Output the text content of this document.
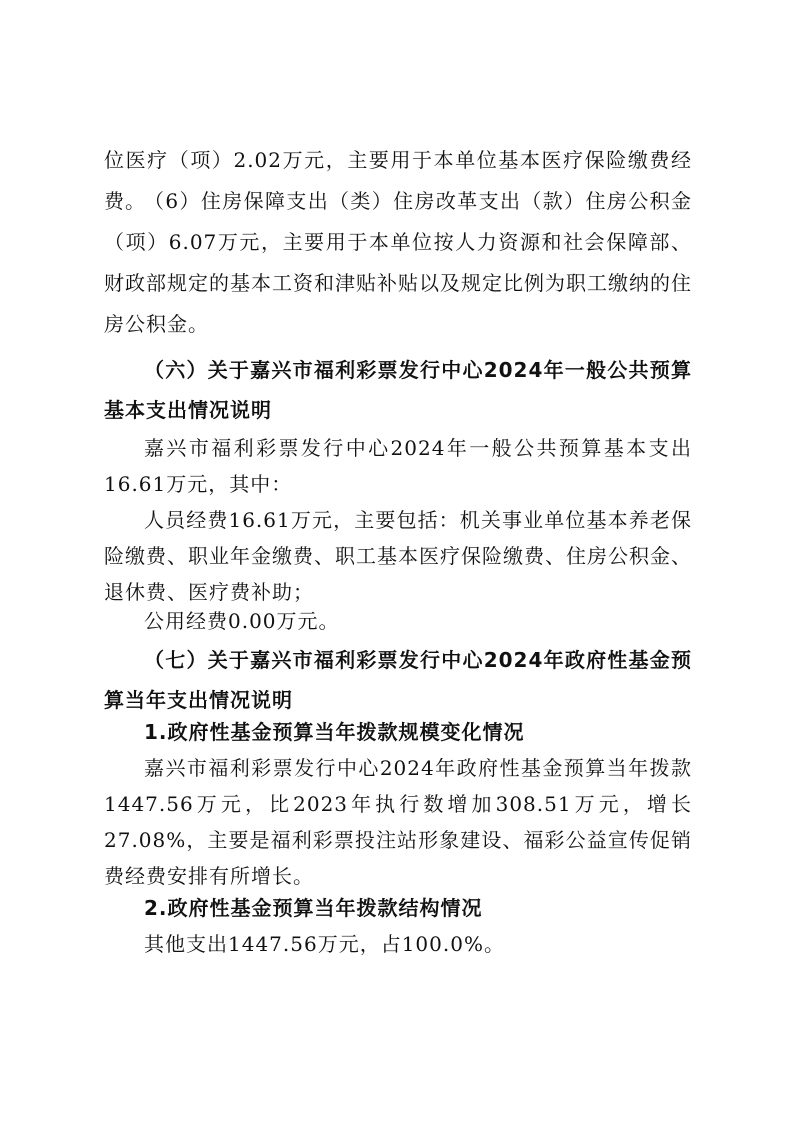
位医疗（项）2.02万元，主要用于本单位基本医疗保险缴费经费。

（6）住房保障支出（类）住房改革支出（款）住房公积金（项）6.07万元，主要用于本单位按人力资源和社会保障部、财政部规定的基本工资和津贴补贴以及规定比例为职工缴纳的住房公积金。

（六）关于嘉兴市福利彩票发行中心2024年一般公共预算基本支出情况说明

嘉兴市福利彩票发行中心2024年一般公共预算基本支出16.61万元，其中：

人员经费16.61万元，主要包括：机关事业单位基本养老保险缴费、职业年金缴费、职工基本医疗保险缴费、住房公积金、退休费、医疗费补助；

公用经费0.00万元。

（七）关于嘉兴市福利彩票发行中心2024年政府性基金预算当年支出情况说明

1.政府性基金预算当年拨款规模变化情况

嘉兴市福利彩票发行中心2024年政府性基金预算当年拨款1447.56万元，比2023年执行数增加308.51万元，增长27.08%，主要是福利彩票投注站形象建设、福彩公益宣传促销费经费安排有所增长。

2.政府性基金预算当年拨款结构情况

其他支出1447.56万元，占100.0%。
